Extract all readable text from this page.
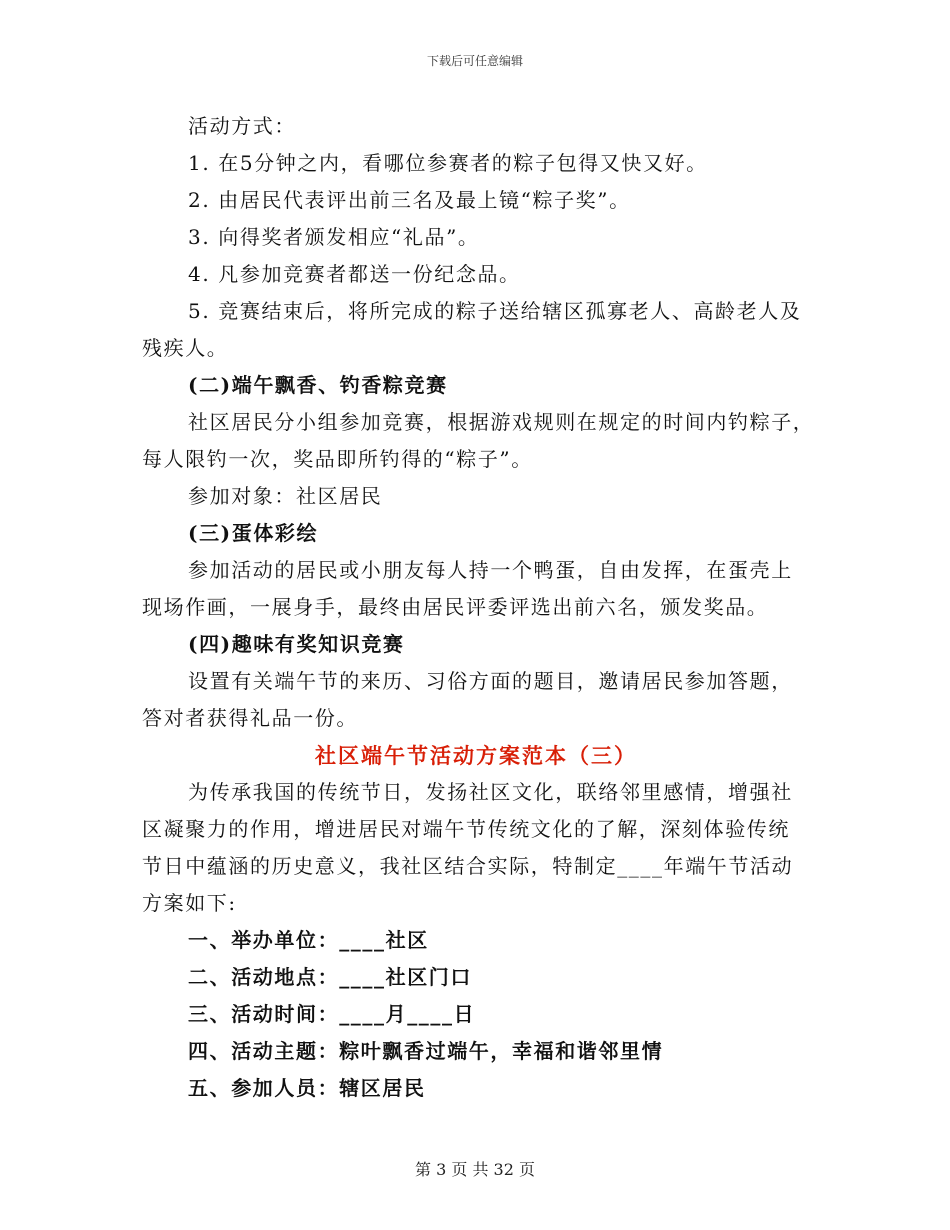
下载后可任意编辑
活动方式：
1. 在5分钟之内，看哪位参赛者的粽子包得又快又好。
2. 由居民代表评出前三名及最上镜“粽子奖”。
3. 向得奖者颁发相应“礼品”。
4. 凡参加竞赛者都送一份纪念品。
5. 竞赛结束后，将所完成的粽子送给辖区孤寡老人、高龄老人及
残疾人。
(二)端午飘香、钓香粽竞赛
社区居民分小组参加竞赛，根据游戏规则在规定的时间内钓粽子，
每人限钓一次，奖品即所钓得的“粽子”。
参加对象：社区居民
(三)蛋体彩绘
参加活动的居民或小朋友每人持一个鸭蛋，自由发挥，在蛋壳上
现场作画，一展身手，最终由居民评委评选出前六名，颁发奖品。
(四)趣味有奖知识竞赛
设置有关端午节的来历、习俗方面的题目，邀请居民参加答题，
答对者获得礼品一份。
社区端午节活动方案范本（三）
为传承我国的传统节日，发扬社区文化，联络邻里感情，增强社
区凝聚力的作用，增进居民对端午节传统文化的了解，深刻体验传统
节日中蕴涵的历史意义，我社区结合实际，特制定____年端午节活动
方案如下:
一、举办单位：____社区
二、活动地点：____社区门口
三、活动时间：____月____日
四、活动主题：粽叶飘香过端午，幸福和谐邻里情
五、参加人员：辖区居民
第 3 页 共 32 页
